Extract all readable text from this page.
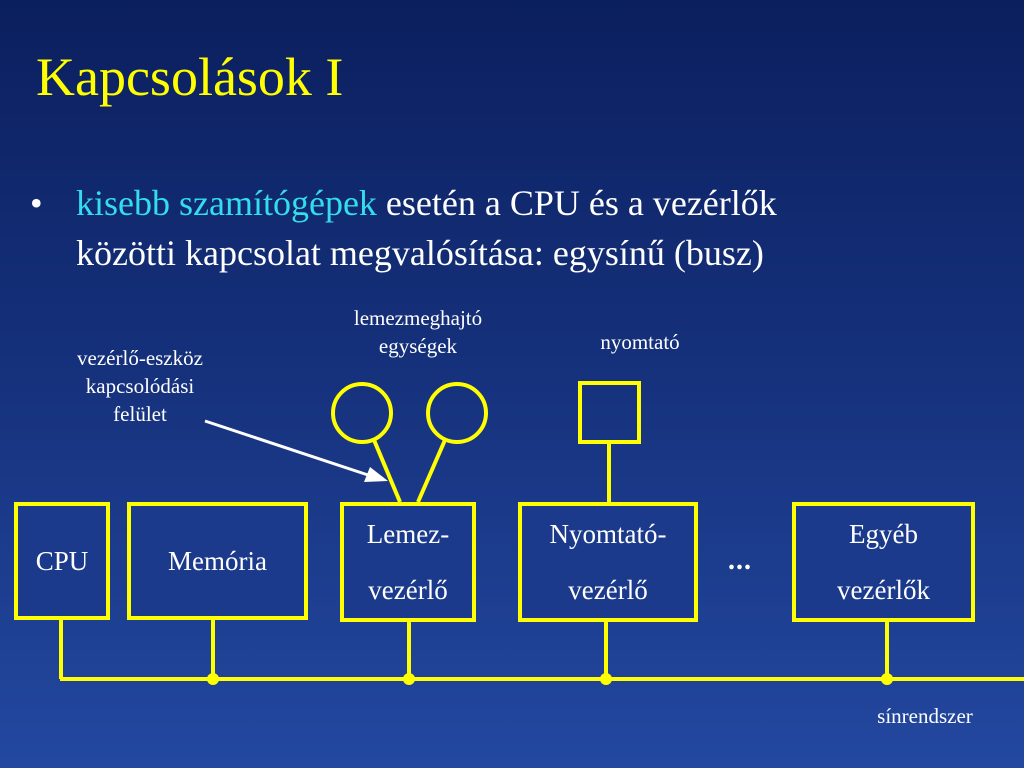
Kapcsolások I
• kisebb szamítógépek esetén a CPU és a vezérlők
közötti kapcsolat megvalósítása: egysínű (busz)
vezérlő-eszköz
kapcsolódási
felület
lemezmeghajtó
egységek	nyomtató
CPU	Memória
Lemez-
vezérlő
Nyomtató-
vezérlő
...
Egyéb
vezérlők
sínrendszer
